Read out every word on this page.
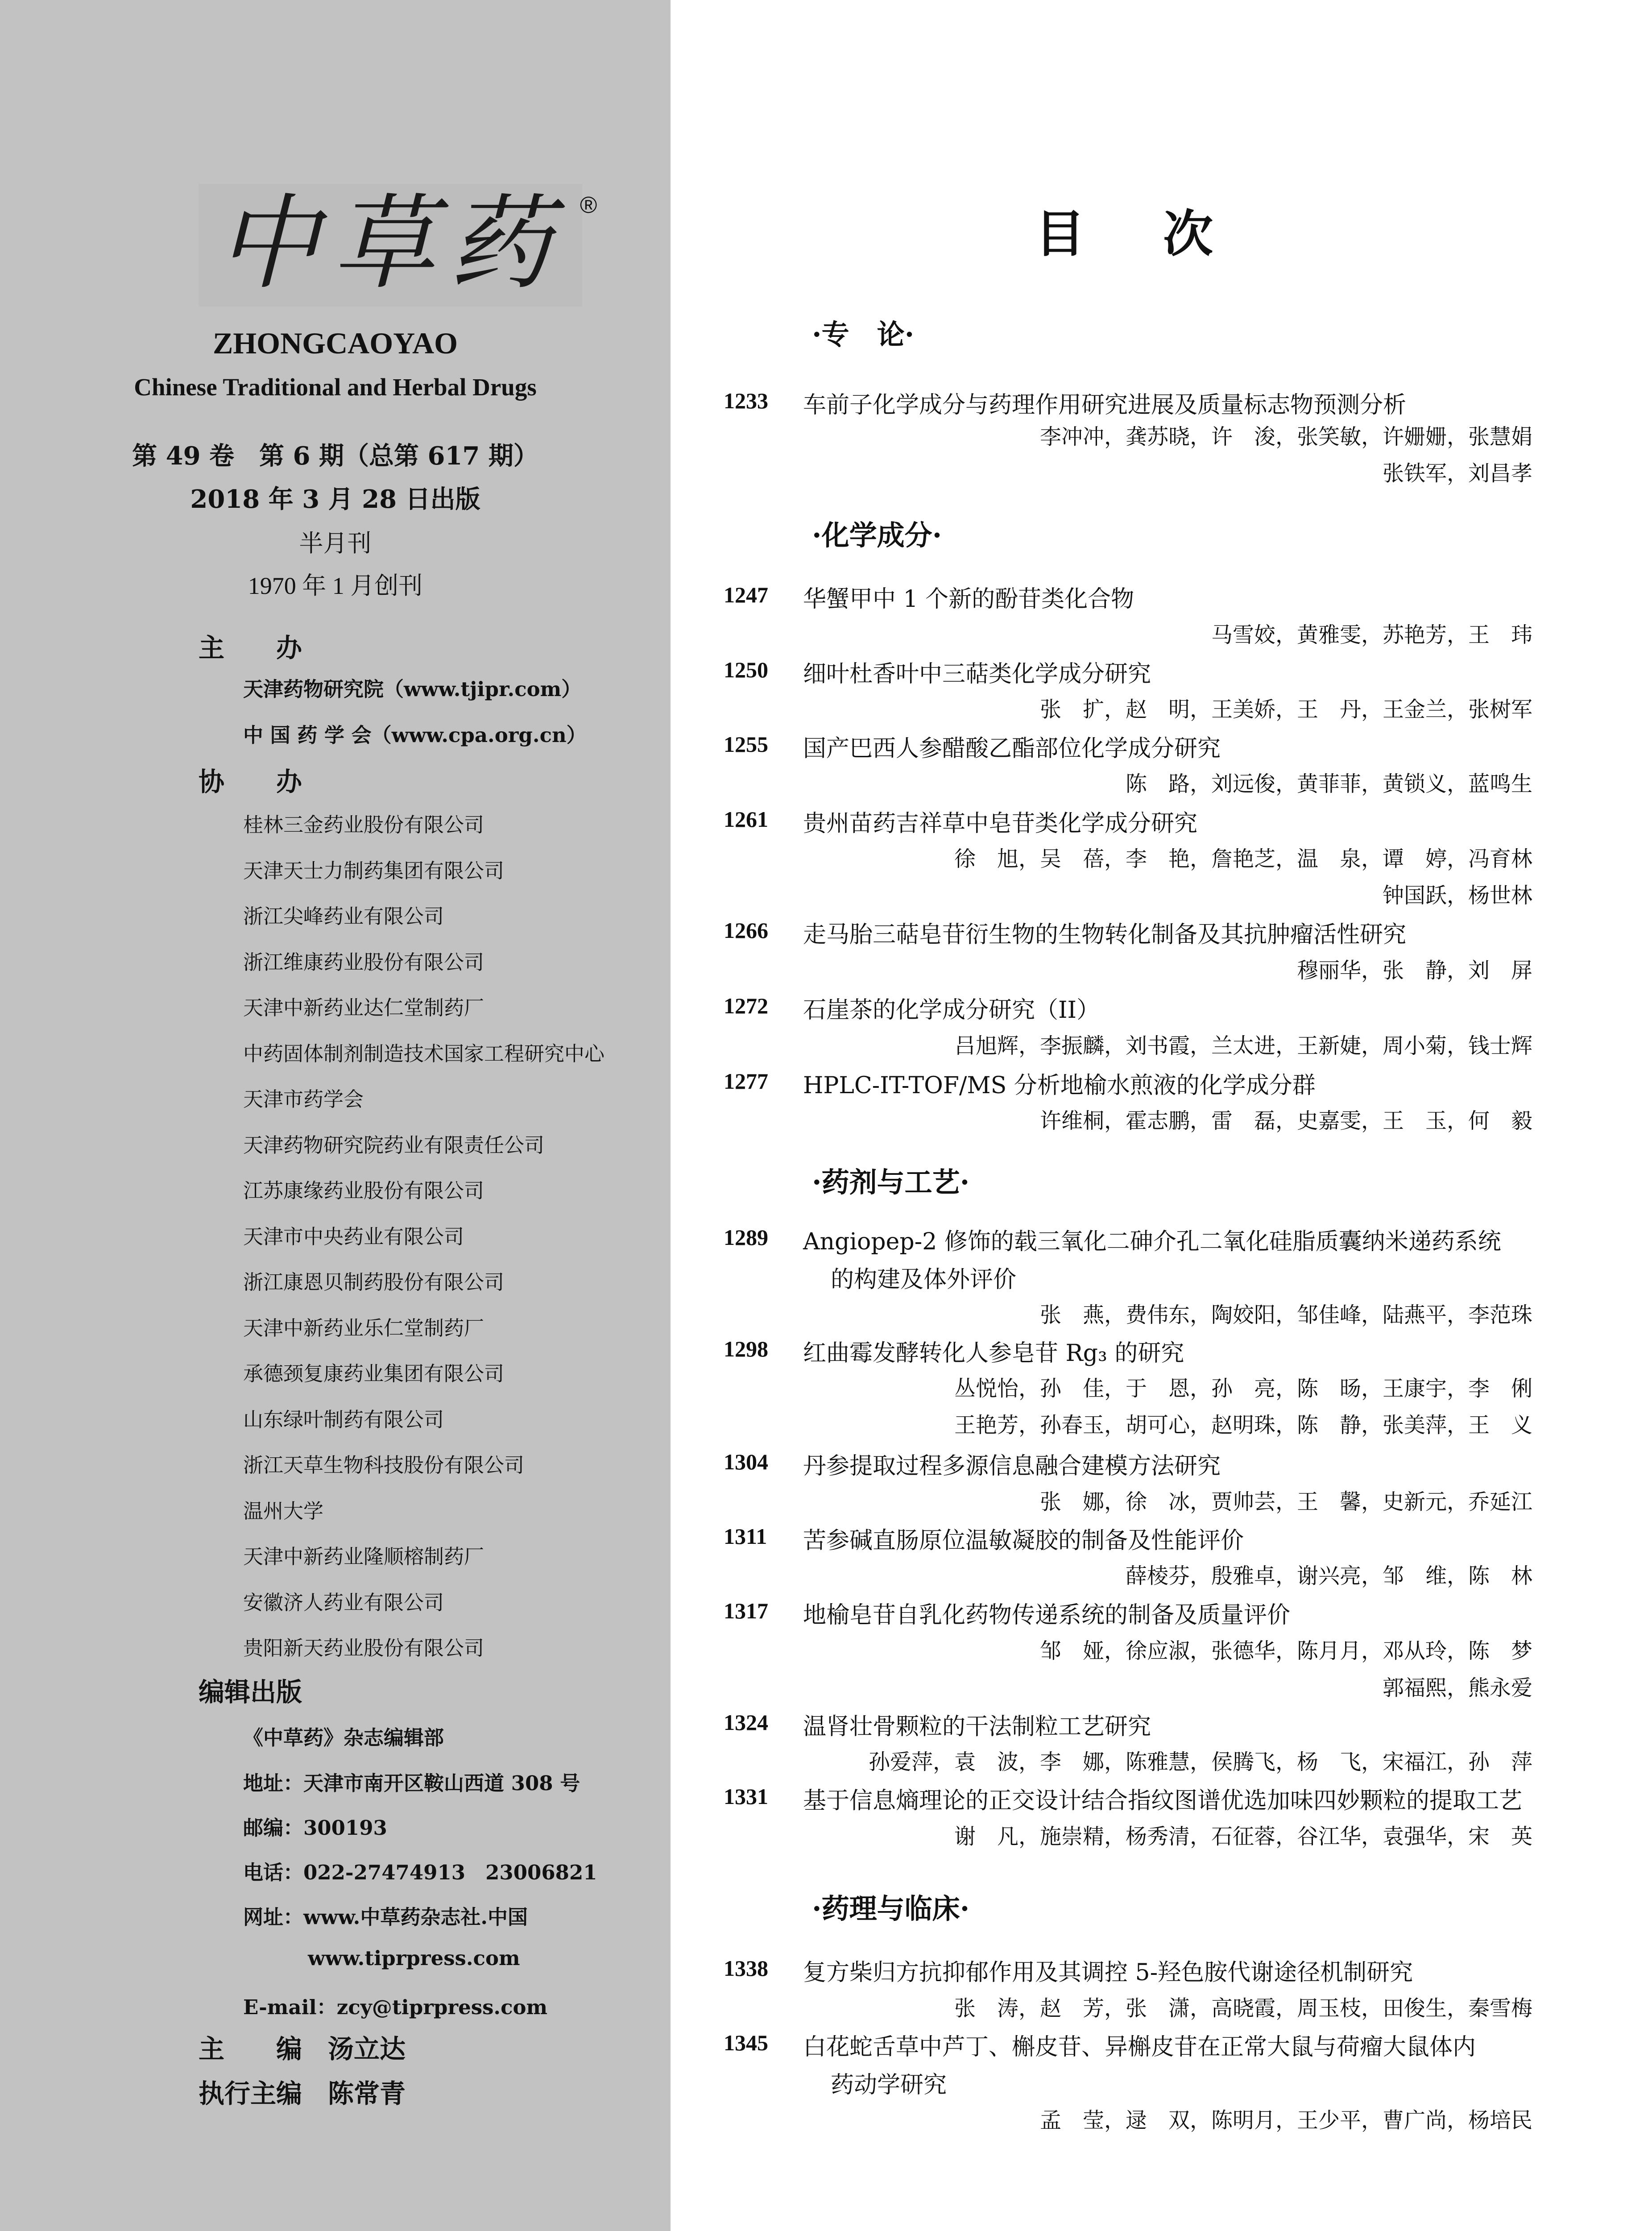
中草药 ®
ZHONGCAOYAO
Chinese Traditional and Herbal Drugs
第 49 卷　第 6 期（总第 617 期）
2018 年 3 月 28 日出版
半月刊
1970 年 1 月创刊
主　　办
天津药物研究院（www.tjipr.com）
中 国 药 学 会（www.cpa.org.cn）
协　　办
桂林三金药业股份有限公司
天津天士力制药集团有限公司
浙江尖峰药业有限公司
浙江维康药业股份有限公司
天津中新药业达仁堂制药厂
中药固体制剂制造技术国家工程研究中心
天津市药学会
天津药物研究院药业有限责任公司
江苏康缘药业股份有限公司
天津市中央药业有限公司
浙江康恩贝制药股份有限公司
天津中新药业乐仁堂制药厂
承德颈复康药业集团有限公司
山东绿叶制药有限公司
浙江天草生物科技股份有限公司
温州大学
天津中新药业隆顺榕制药厂
安徽济人药业有限公司
贵阳新天药业股份有限公司
编辑出版
《中草药》杂志编辑部
地址：天津市南开区鞍山西道 308 号
邮编：300193
电话：022-27474913　23006821
网址：www.中草药杂志社.中国
www.tiprpress.com
E-mail：zcy@tiprpress.com
主　　编　汤立达
执行主编　陈常青
目 次
·专　论·
1233 车前子化学成分与药理作用研究进展及质量标志物预测分析
李冲冲，龚苏晓，许　浚，张笑敏，许姗姗，张慧娟
张铁军，刘昌孝
·化学成分·
1247 华蟹甲中 1 个新的酚苷类化合物
马雪姣，黄雅雯，苏艳芳，王　玮
1250 细叶杜香叶中三萜类化学成分研究
张　扩，赵　明，王美娇，王　丹，王金兰，张树军
1255 国产巴西人参醋酸乙酯部位化学成分研究
陈　路，刘远俊，黄菲菲，黄锁义，蓝鸣生
1261 贵州苗药吉祥草中皂苷类化学成分研究
徐　旭，吴　蓓，李　艳，詹艳芝，温　泉，谭　婷，冯育林
钟国跃，杨世林
1266 走马胎三萜皂苷衍生物的生物转化制备及其抗肿瘤活性研究
穆丽华，张　静，刘　屏
1272 石崖茶的化学成分研究（II）
吕旭辉，李振麟，刘书霞，兰太进，王新婕，周小菊，钱士辉
1277 HPLC-IT-TOF/MS 分析地榆水煎液的化学成分群
许维桐，霍志鹏，雷　磊，史嘉雯，王　玉，何　毅
·药剂与工艺·
1289 Angiopep-2 修饰的载三氧化二砷介孔二氧化硅脂质囊纳米递药系统
的构建及体外评价
张　燕，费伟东，陶姣阳，邹佳峰，陆燕平，李范珠
1298 红曲霉发酵转化人参皂苷 Rg₃ 的研究
丛悦怡，孙　佳，于　恩，孙　亮，陈　旸，王康宇，李　俐
王艳芳，孙春玉，胡可心，赵明珠，陈　静，张美萍，王　义
1304 丹参提取过程多源信息融合建模方法研究
张　娜，徐　冰，贾帅芸，王　馨，史新元，乔延江
1311 苦参碱直肠原位温敏凝胶的制备及性能评价
薛棱芬，殷雅卓，谢兴亮，邹　维，陈　林
1317 地榆皂苷自乳化药物传递系统的制备及质量评价
邹　娅，徐应淑，张德华，陈月月，邓从玲，陈　梦
郭福熙，熊永爱
1324 温肾壮骨颗粒的干法制粒工艺研究
孙爱萍，袁　波，李　娜，陈雅慧，侯腾飞，杨　飞，宋福江，孙　萍
1331 基于信息熵理论的正交设计结合指纹图谱优选加味四妙颗粒的提取工艺
谢　凡，施崇精，杨秀清，石征蓉，谷江华，袁强华，宋　英
·药理与临床·
1338 复方柴归方抗抑郁作用及其调控 5-羟色胺代谢途径机制研究
张　涛，赵　芳，张　潇，高晓霞，周玉枝，田俊生，秦雪梅
1345 白花蛇舌草中芦丁、槲皮苷、异槲皮苷在正常大鼠与荷瘤大鼠体内
药动学研究
孟　莹，逯　双，陈明月，王少平，曹广尚，杨培民
